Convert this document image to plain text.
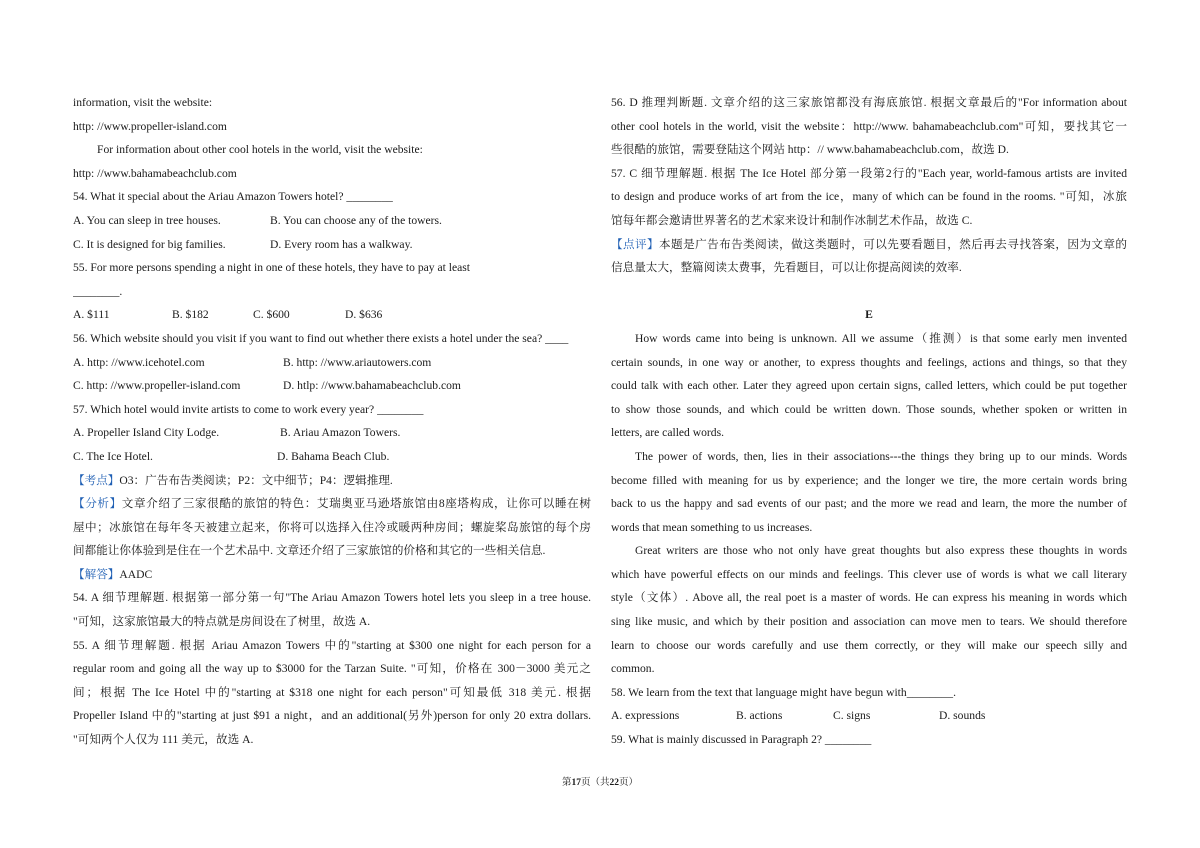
information, visit the website:
http: //www.propeller-island.com
For information about other cool hotels in the world, visit the website:
http: //www.bahamabeachclub.com
54. What it special about the Ariau Amazon Towers hotel? ________
A. You can sleep in tree houses.	B. You can choose any of the towers.
C. It is designed for big families.	D. Every room has a walkway.
55. For more persons spending a night in one of these hotels, they have to pay at least
________.
A. $111	B. $182	C. $600	D. $636
56. Which website should you visit if you want to find out whether there exists a hotel under the sea? ____
A. http: //www.icehotel.com	B. http: //www.ariautowers.com
C. http: //www.propeller-island.com	D. htlp: //www.bahamabeachclub.com
57. Which hotel would invite artists to come to work every year? ________
A. Propeller Island City Lodge.	B. Ariau Amazon Towers.
C. The Ice Hotel.	D. Bahama Beach Club.
【考点】O3：广告布告类阅读；P2：文中细节；P4：逻辑推理.
【分析】文章介绍了三家很酷的旅馆的特色：艾瑞奥亚马逊塔旅馆由8座塔构成，让你可以睡在树
屋中；冰旅馆在每年冬天被建立起来，你将可以选择入住冷或暖两种房间；螺旋桨岛旅馆的每个房
间都能让你体验到是住在一个艺术品中. 文章还介绍了三家旅馆的价格和其它的一些相关信息.
【解答】AADC
54. A 细节理解题. 根据第一部分第一句"The Ariau Amazon Towers hotel lets you sleep in a tree house.
"可知，这家旅馆最大的特点就是房间设在了树里，故选 A.
55. A 细节理解题. 根据 Ariau Amazon Towers 中的"starting at $300 one night for each person for a
regular room and going all the way up to $3000 for the Tarzan Suite. "可知，价格在 300－3000 美元之
间；根据 The Ice Hotel 中的"starting at $318 one night for each person"可知最低 318 美元. 根据
Propeller Island 中的"starting at just $91 a night，and an additional(另外)person for only 20 extra dollars.
"可知两个人仅为 111 美元，故选 A.
56. D 推理判断题. 文章介绍的这三家旅馆都没有海底旅馆. 根据文章最后的"For information about
other cool hotels in the world, visit the website：http://www. bahamabeachclub.com"可知，要找其它一
些很酷的旅馆，需要登陆这个网站 http：// www.bahamabeachclub.com，故选 D.
57. C 细节理解题. 根据 The Ice Hotel 部分第一段第2行的"Each year, world-famous artists are invited
to design and produce works of art from the ice，many of which can be found in the rooms. "可知，冰旅
馆每年都会邀请世界著名的艺术家来设计和制作冰制艺术作品，故选 C.
【点评】本题是广告布告类阅读，做这类题时，可以先要看题目，然后再去寻找答案，因为文章的
信息量太大，整篇阅读太费事，先看题目，可以让你提高阅读的效率.
E
How words came into being is unknown. All we assume（推测）is that some early men invented
certain sounds, in one way or another, to express thoughts and feelings, actions and things, so that they
could talk with each other. Later they agreed upon certain signs, called letters, which could be put together
to show those sounds, and which could be written down. Those sounds, whether spoken or written in
letters, are called words.
The power of words, then, lies in their associations---the things they bring up to our minds. Words
become filled with meaning for us by experience; and the longer we tire, the more certain words bring
back to us the happy and sad events of our past; and the more we read and learn, the more the number of
words that mean something to us increases.
Great writers are those who not only have great thoughts but also express these thoughts in words
which have powerful effects on our minds and feelings. This clever use of words is what we call literary
style（文体）. Above all, the real poet is a master of words. He can express his meaning in words which
sing like music, and which by their position and association can move men to tears. We should therefore
learn to choose our words carefully and use them correctly, or they will make our speech silly and
common.
58. We learn from the text that language might have begun with________.
A. expressions	B. actions	C. signs	D. sounds
59. What is mainly discussed in Paragraph 2? ________
第17页（共22页）
